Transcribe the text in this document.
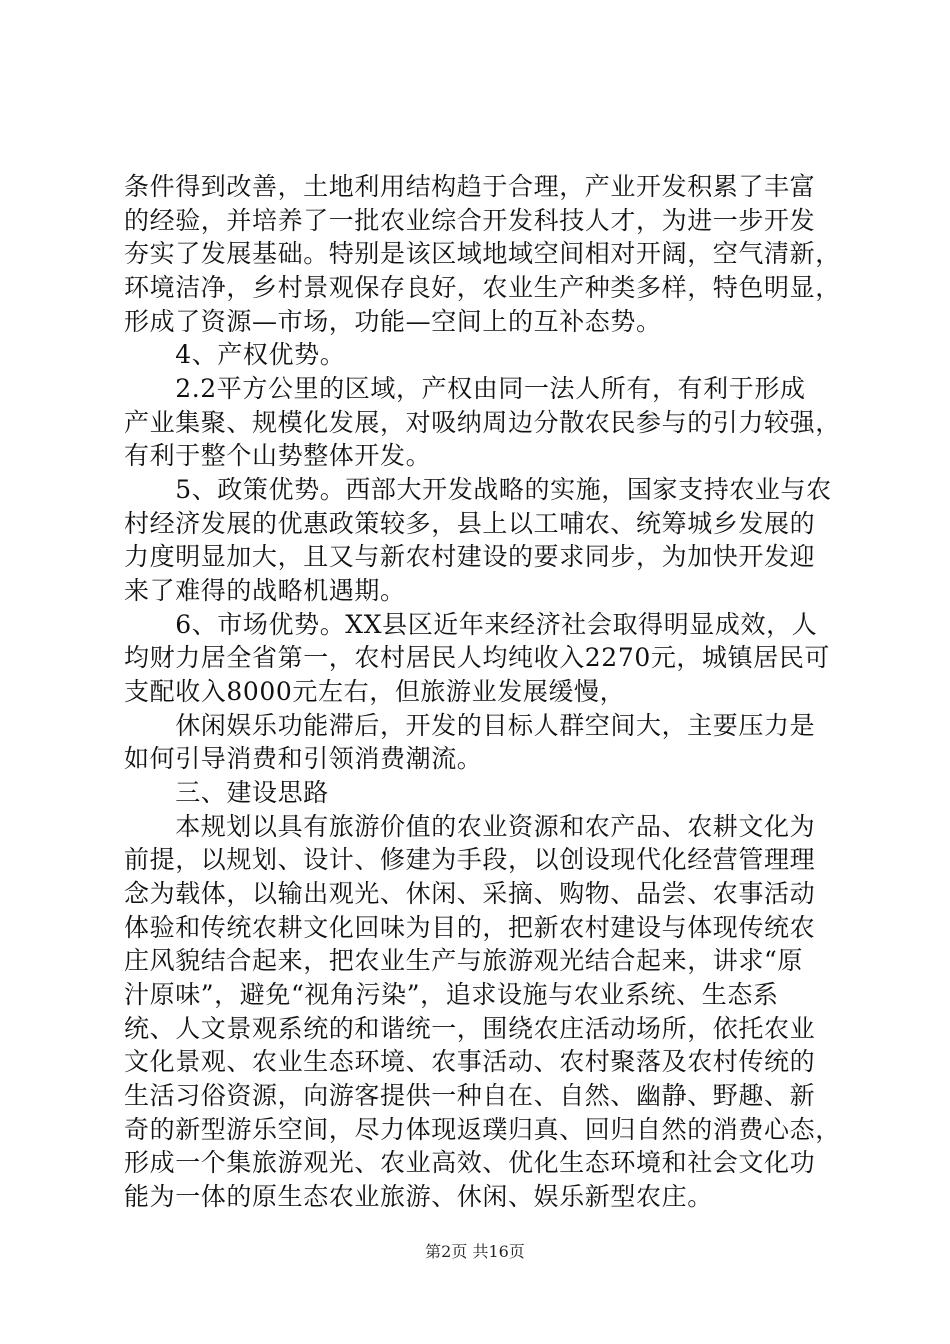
条件得到改善，土地利用结构趋于合理，产业开发积累了丰富
的经验，并培养了一批农业综合开发科技人才，为进一步开发
夯实了发展基础。特别是该区域地域空间相对开阔，空气清新，
环境洁净，乡村景观保存良好，农业生产种类多样，特色明显，
形成了资源—市场，功能—空间上的互补态势。
　　4、产权优势。
　　2.2平方公里的区域，产权由同一法人所有，有利于形成
产业集聚、规模化发展，对吸纳周边分散农民参与的引力较强，
有利于整个山势整体开发。
　　5、政策优势。西部大开发战略的实施，国家支持农业与农
村经济发展的优惠政策较多，县上以工哺农、统筹城乡发展的
力度明显加大，且又与新农村建设的要求同步，为加快开发迎
来了难得的战略机遇期。
　　6、市场优势。XX县区近年来经济社会取得明显成效，人
均财力居全省第一，农村居民人均纯收入2270元，城镇居民可
支配收入8000元左右，但旅游业发展缓慢，
　　休闲娱乐功能滞后，开发的目标人群空间大，主要压力是
如何引导消费和引领消费潮流。
　　三、建设思路
　　本规划以具有旅游价值的农业资源和农产品、农耕文化为
前提，以规划、设计、修建为手段，以创设现代化经营管理理
念为载体，以输出观光、休闲、采摘、购物、品尝、农事活动
体验和传统农耕文化回味为目的，把新农村建设与体现传统农
庄风貌结合起来，把农业生产与旅游观光结合起来，讲求“原
汁原味”，避免“视角污染”，追求设施与农业系统、生态系
统、人文景观系统的和谐统一，围绕农庄活动场所，依托农业
文化景观、农业生态环境、农事活动、农村聚落及农村传统的
生活习俗资源，向游客提供一种自在、自然、幽静、野趣、新
奇的新型游乐空间，尽力体现返璞归真、回归自然的消费心态，
形成一个集旅游观光、农业高效、优化生态环境和社会文化功
能为一体的原生态农业旅游、休闲、娱乐新型农庄。
第2页 共16页
